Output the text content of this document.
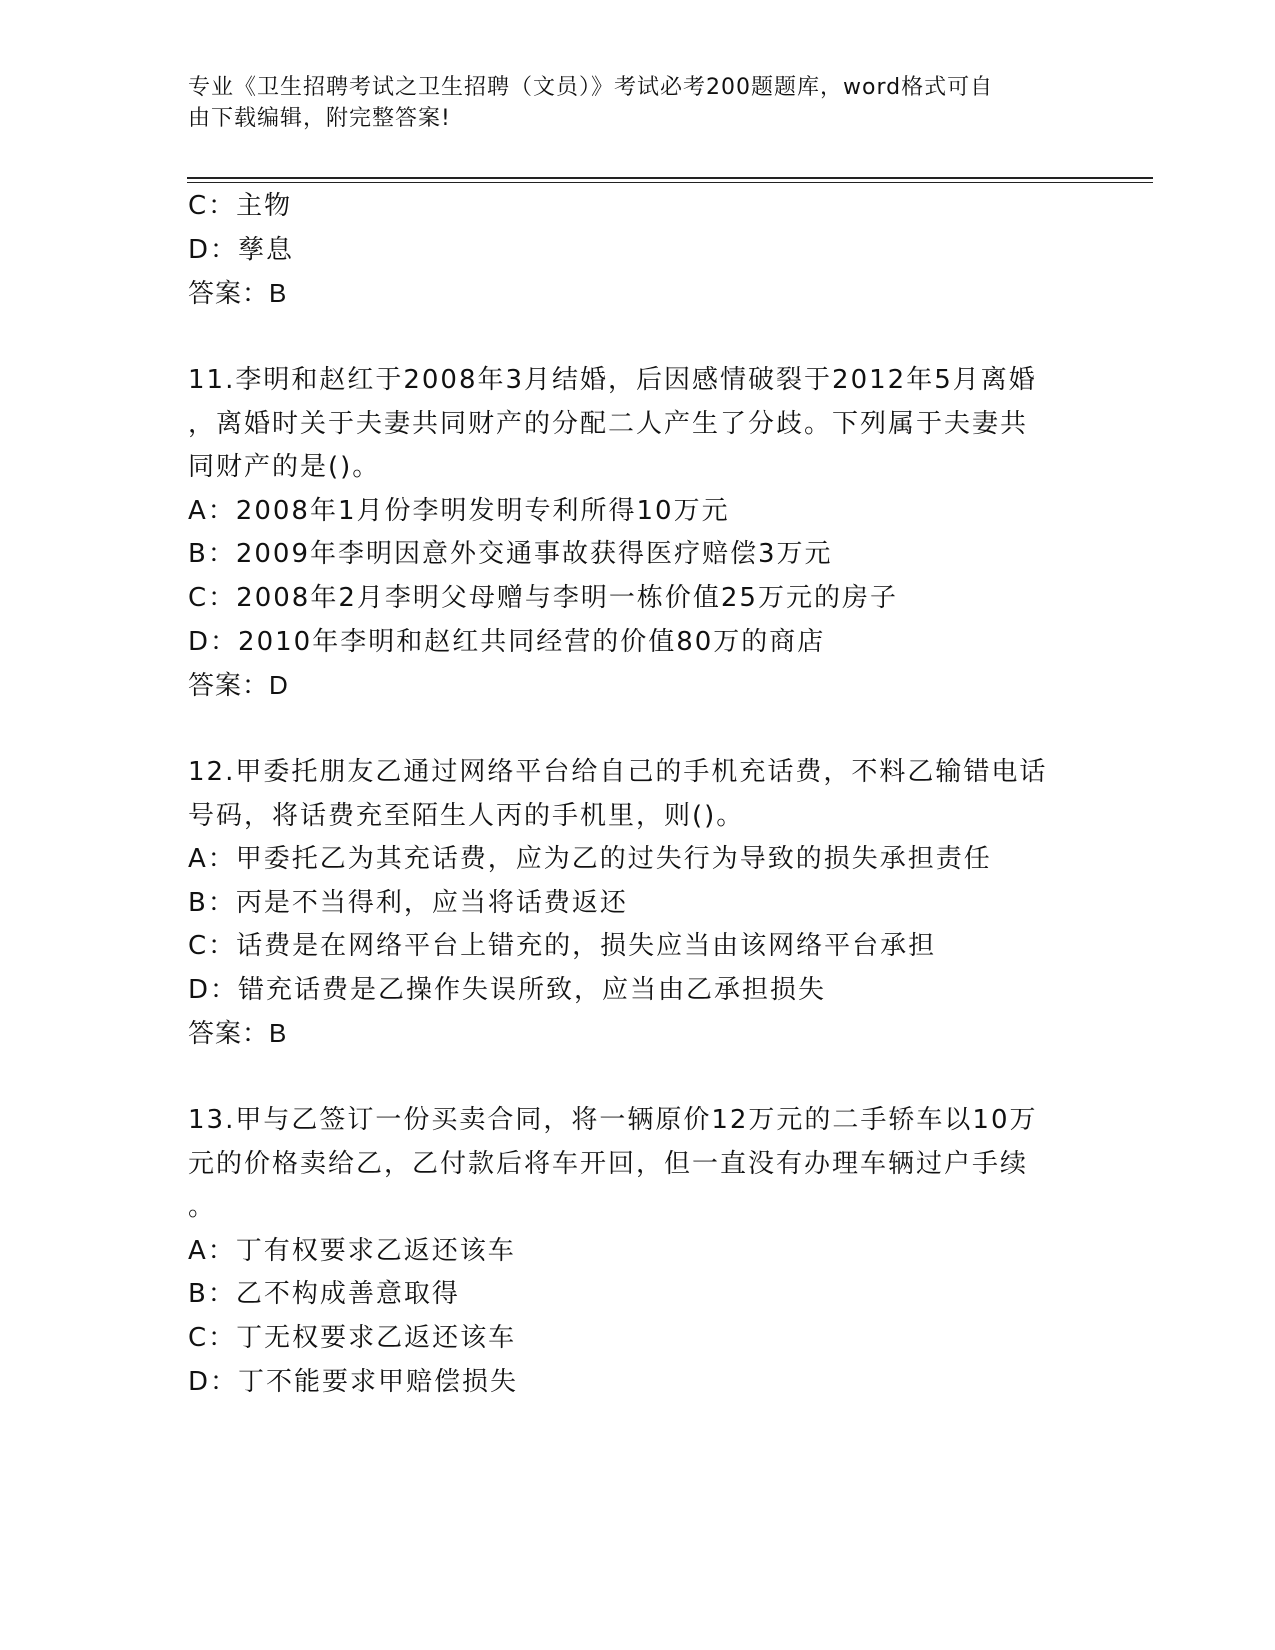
专业《卫生招聘考试之卫生招聘（文员）》考试必考200题题库，word格式可自
由下载编辑，附完整答案!
C：主物
D：孳息
答案：B
11.李明和赵红于2008年3月结婚，后因感情破裂于2012年5月离婚
，离婚时关于夫妻共同财产的分配二人产生了分歧。下列属于夫妻共
同财产的是()。
A：2008年1月份李明发明专利所得10万元
B：2009年李明因意外交通事故获得医疗赔偿3万元
C：2008年2月李明父母赠与李明一栋价值25万元的房子
D：2010年李明和赵红共同经营的价值80万的商店
答案：D
12.甲委托朋友乙通过网络平台给自己的手机充话费，不料乙输错电话
号码，将话费充至陌生人丙的手机里，则()。
A：甲委托乙为其充话费，应为乙的过失行为导致的损失承担责任
B：丙是不当得利，应当将话费返还
C：话费是在网络平台上错充的，损失应当由该网络平台承担
D：错充话费是乙操作失误所致，应当由乙承担损失
答案：B
13.甲与乙签订一份买卖合同，将一辆原价12万元的二手轿车以10万
元的价格卖给乙，乙付款后将车开回，但一直没有办理车辆过户手续
。
A：丁有权要求乙返还该车
B：乙不构成善意取得
C：丁无权要求乙返还该车
D：丁不能要求甲赔偿损失
